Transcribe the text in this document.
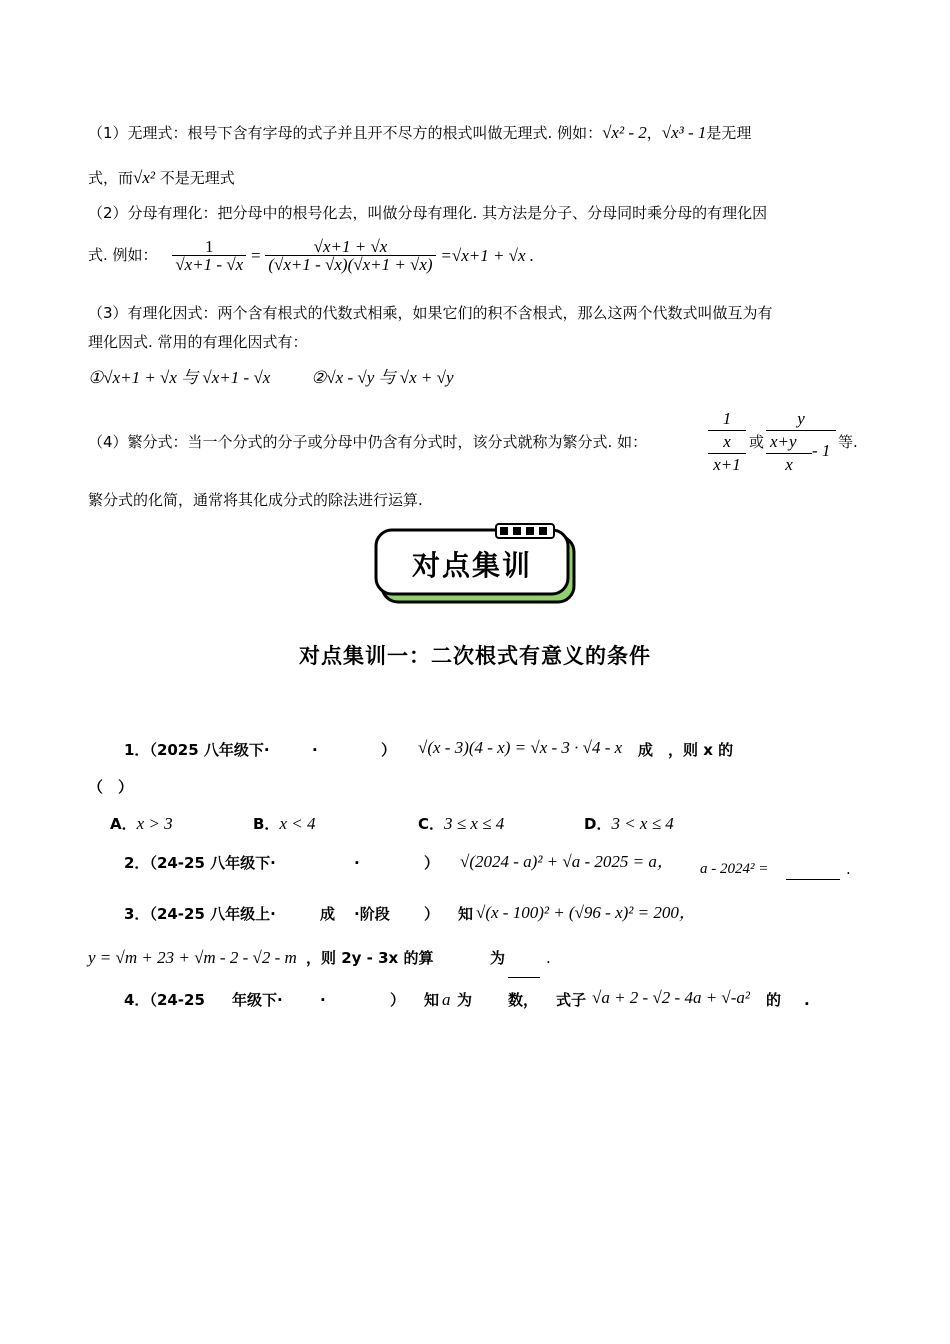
（1）无理式：根号下含有字母的式子并且开不尽方的根式叫做无理式. 例如：√x² - 2，√x³ - 1是无理
式，而√x² 不是无理式
（2）分母有理化：把分母中的根号化去，叫做分母有理化. 其方法是分子、分母同时乘分母的有理化因
式. 例如： $\frac{1}{√x+1 - √x} = \frac{√x+1 + √x}{(√x+1 - √x)(√x+1 + √x)} =√x+1 + √x$ .
（3）有理化因式：两个含有根式的代数式相乘，如果它们的积不含根式，那么这两个代数式叫做互为有
理化因式. 常用的有理化因式有：
①√x+1 + √x 与 √x+1 - √x ②√x - √y 与 √x + √y
（4）繁分式：当一个分式的分子或分母中仍含有分式时，该分式就称为繁分式. 如：
1
x
x+1
或
y
x+y
x
- 1 等.
繁分式的化简，通常将其化成分式的除法进行运算.
对点集训
对点集训一：二次根式有意义的条件
1．（2025 八年级下·	·	） √(x - 3)(4 - x) = √x - 3 · √4 - x 成　，则 x 的
（　）
A．x > 3	B．x < 4	C．3 ≤ x ≤ 4	D．3 < x ≤ 4
2．（24-25 八年级下·	·	） √(2024 - a)² + √a - 2025 = a， a - 2024² =	.
3．（24-25 八年级上·	成 ·阶段 ） 知 √(x - 100)² + (√96 - x)² = 200，
y = √m + 23 + √m - 2 - √2 - m ，则 2y - 3x 的算	为	.
4．（24-25 年级下· ·	） 知 a 为 数， 式子 √a + 2 - √2 - 4a + √-a² 的 .
